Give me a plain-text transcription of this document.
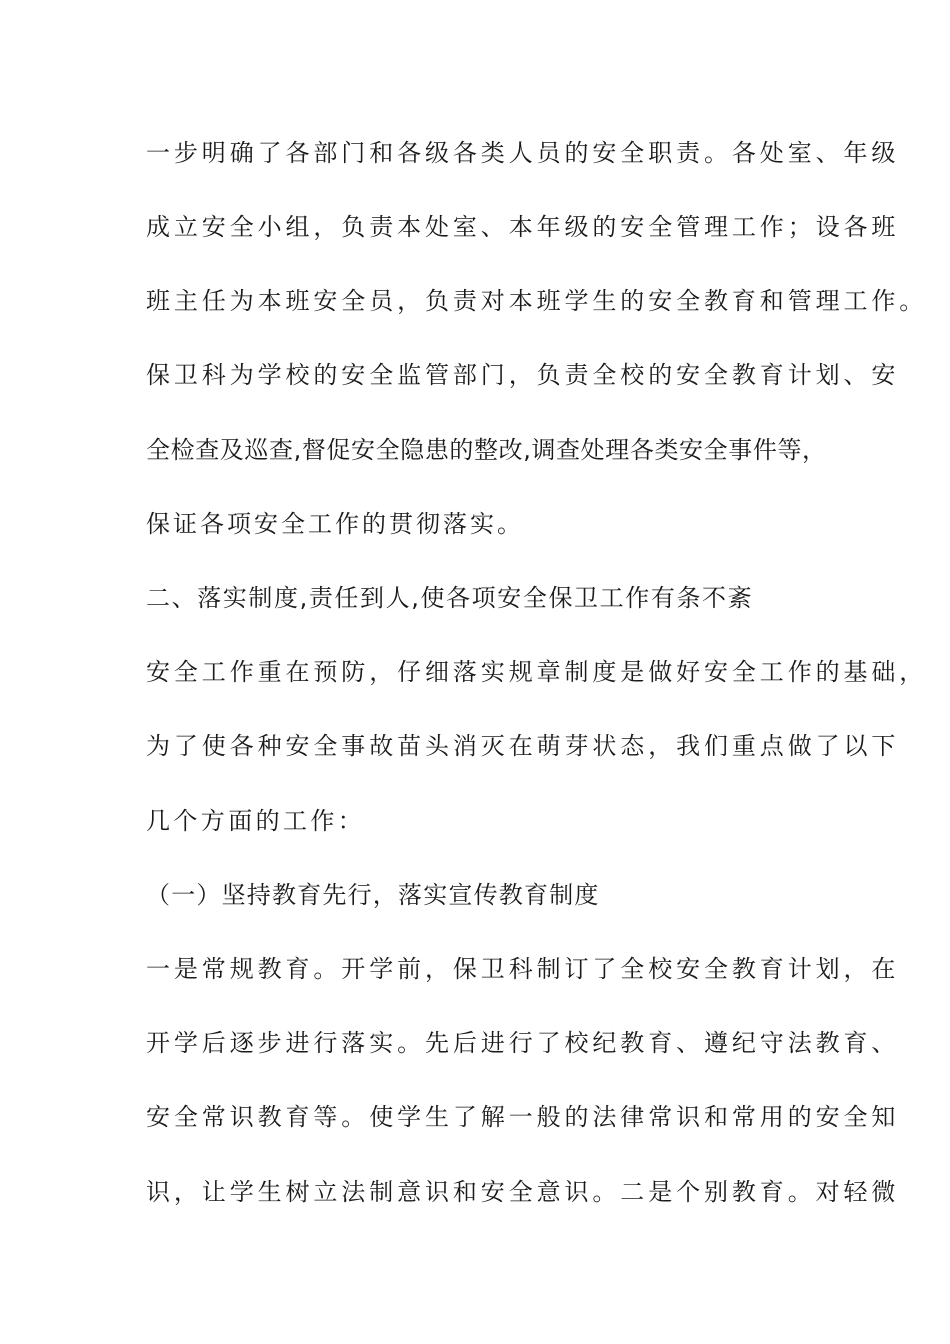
一步明确了各部门和各级各类人员的安全职责。各处室、年级
成立安全小组，负责本处室、本年级的安全管理工作；设各班
班主任为本班安全员，负责对本班学生的安全教育和管理工作。
保卫科为学校的安全监管部门，负责全校的安全教育计划、安
全检查及巡查,督促安全隐患的整改,调查处理各类安全事件等，
保证各项安全工作的贯彻落实。
二、落实制度,责任到人,使各项安全保卫工作有条不紊
安全工作重在预防，仔细落实规章制度是做好安全工作的基础，
为了使各种安全事故苗头消灭在萌芽状态，我们重点做了以下
几个方面的工作：
（一）坚持教育先行，落实宣传教育制度
一是常规教育。开学前，保卫科制订了全校安全教育计划，在
开学后逐步进行落实。先后进行了校纪教育、遵纪守法教育、
安全常识教育等。使学生了解一般的法律常识和常用的安全知
识，让学生树立法制意识和安全意识。二是个别教育。对轻微
